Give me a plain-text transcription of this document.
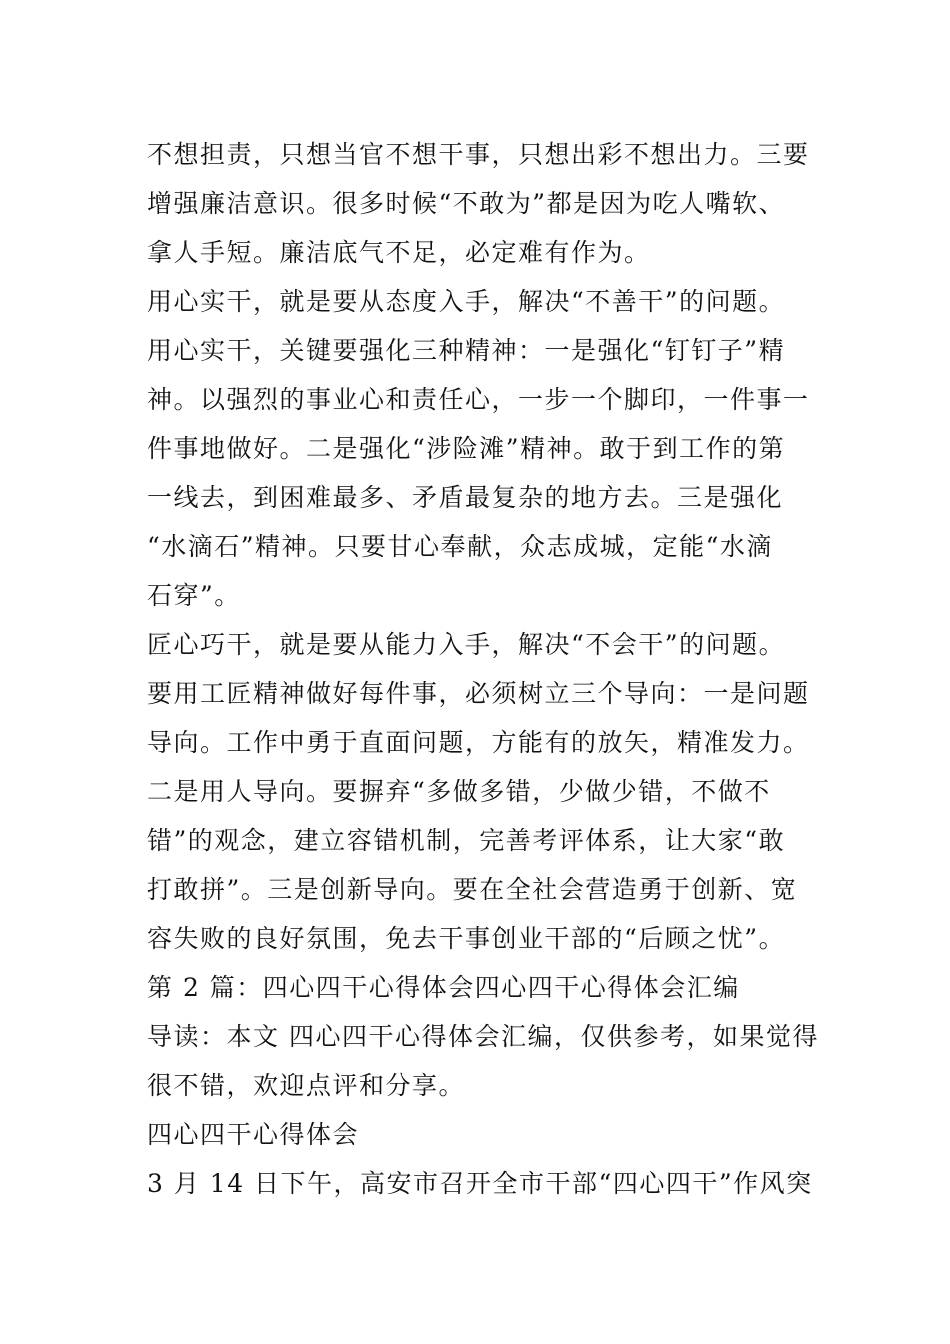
不想担责，只想当官不想干事，只想出彩不想出力。三要
增强廉洁意识。很多时候“不敢为”都是因为吃人嘴软、
拿人手短。廉洁底气不足，必定难有作为。
用心实干，就是要从态度入手，解决“不善干”的问题。
用心实干，关键要强化三种精神：一是强化“钉钉子”精
神。以强烈的事业心和责任心，一步一个脚印，一件事一
件事地做好。二是强化“涉险滩”精神。敢于到工作的第
一线去，到困难最多、矛盾最复杂的地方去。三是强化
“水滴石”精神。只要甘心奉献，众志成城，定能“水滴
石穿”。
匠心巧干，就是要从能力入手，解决“不会干”的问题。
要用工匠精神做好每件事，必须树立三个导向：一是问题
导向。工作中勇于直面问题，方能有的放矢，精准发力。
二是用人导向。要摒弃“多做多错，少做少错，不做不
错”的观念，建立容错机制，完善考评体系，让大家“敢
打敢拼”。三是创新导向。要在全社会营造勇于创新、宽
容失败的良好氛围，免去干事创业干部的“后顾之忧”。
第 2 篇：四心四干心得体会四心四干心得体会汇编
导读：本文 四心四干心得体会汇编，仅供参考，如果觉得
很不错，欢迎点评和分享。
四心四干心得体会
3 月 14 日下午，高安市召开全市干部“四心四干”作风突
